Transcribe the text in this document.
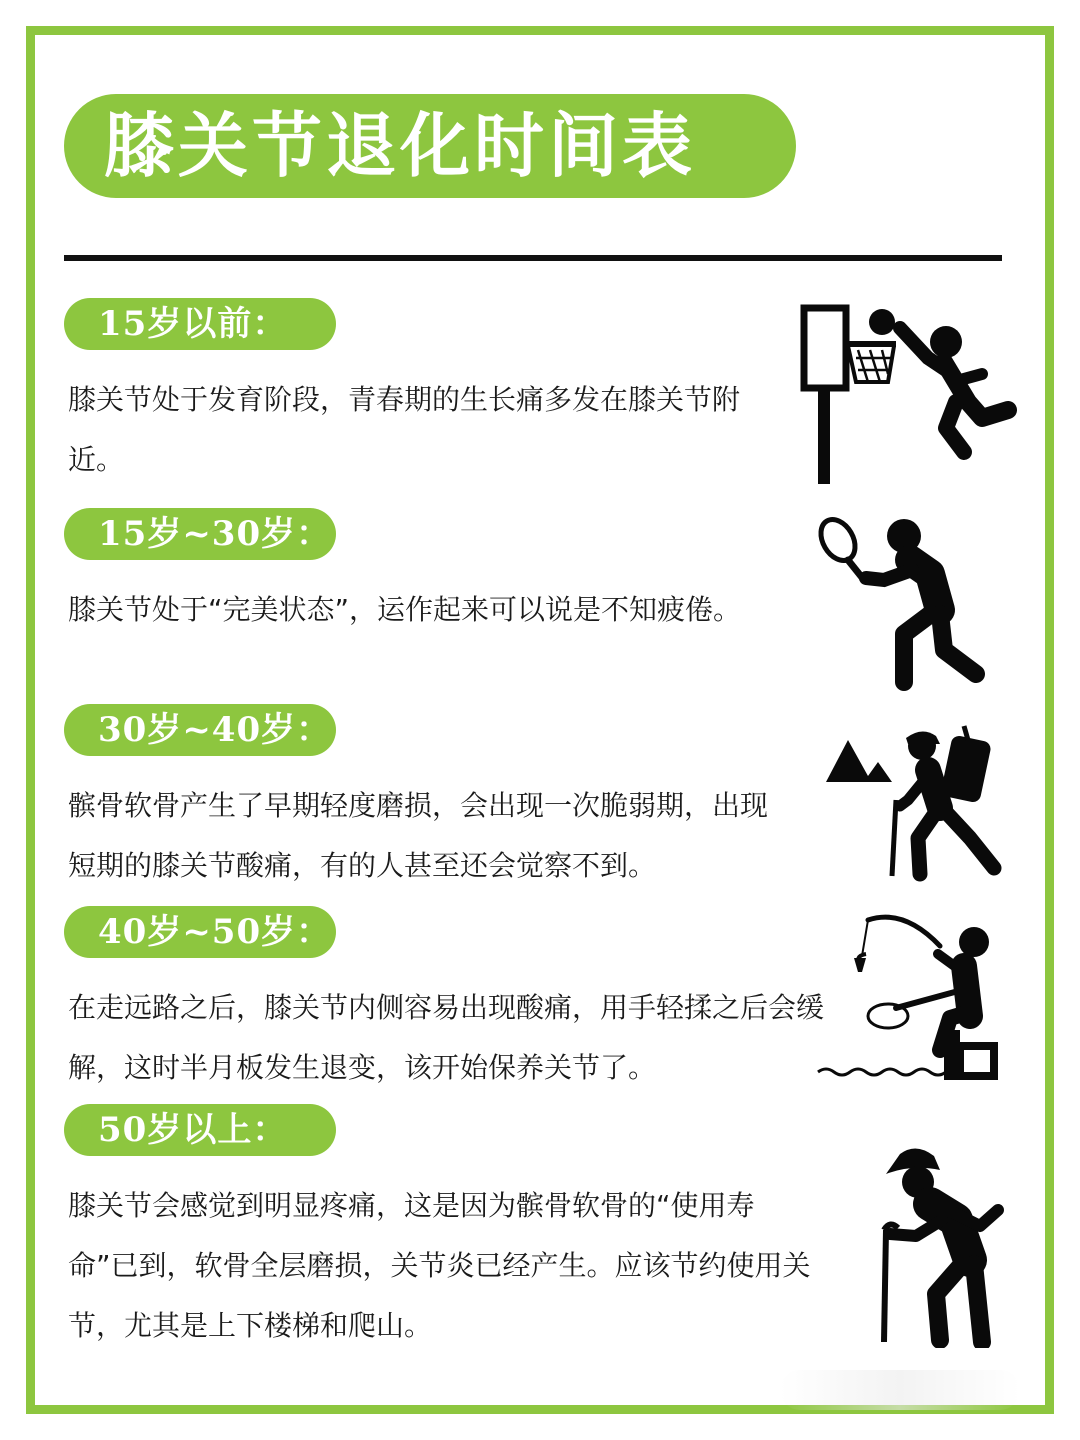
膝关节退化时间表
15岁以前：
膝关节处于发育阶段，青春期的生长痛多发在膝关节附近。
15岁~30岁：
膝关节处于“完美状态”，运作起来可以说是不知疲倦。
30岁~40岁：
髌骨软骨产生了早期轻度磨损，会出现一次脆弱期，出现短期的膝关节酸痛，有的人甚至还会觉察不到。
40岁~50岁：
在走远路之后，膝关节内侧容易出现酸痛，用手轻揉之后会缓解，这时半月板发生退变，该开始保养关节了。
50岁以上：
膝关节会感觉到明显疼痛，这是因为髌骨软骨的“使用寿命”已到，软骨全层磨损，关节炎已经产生。应该节约使用关节，尤其是上下楼梯和爬山。
